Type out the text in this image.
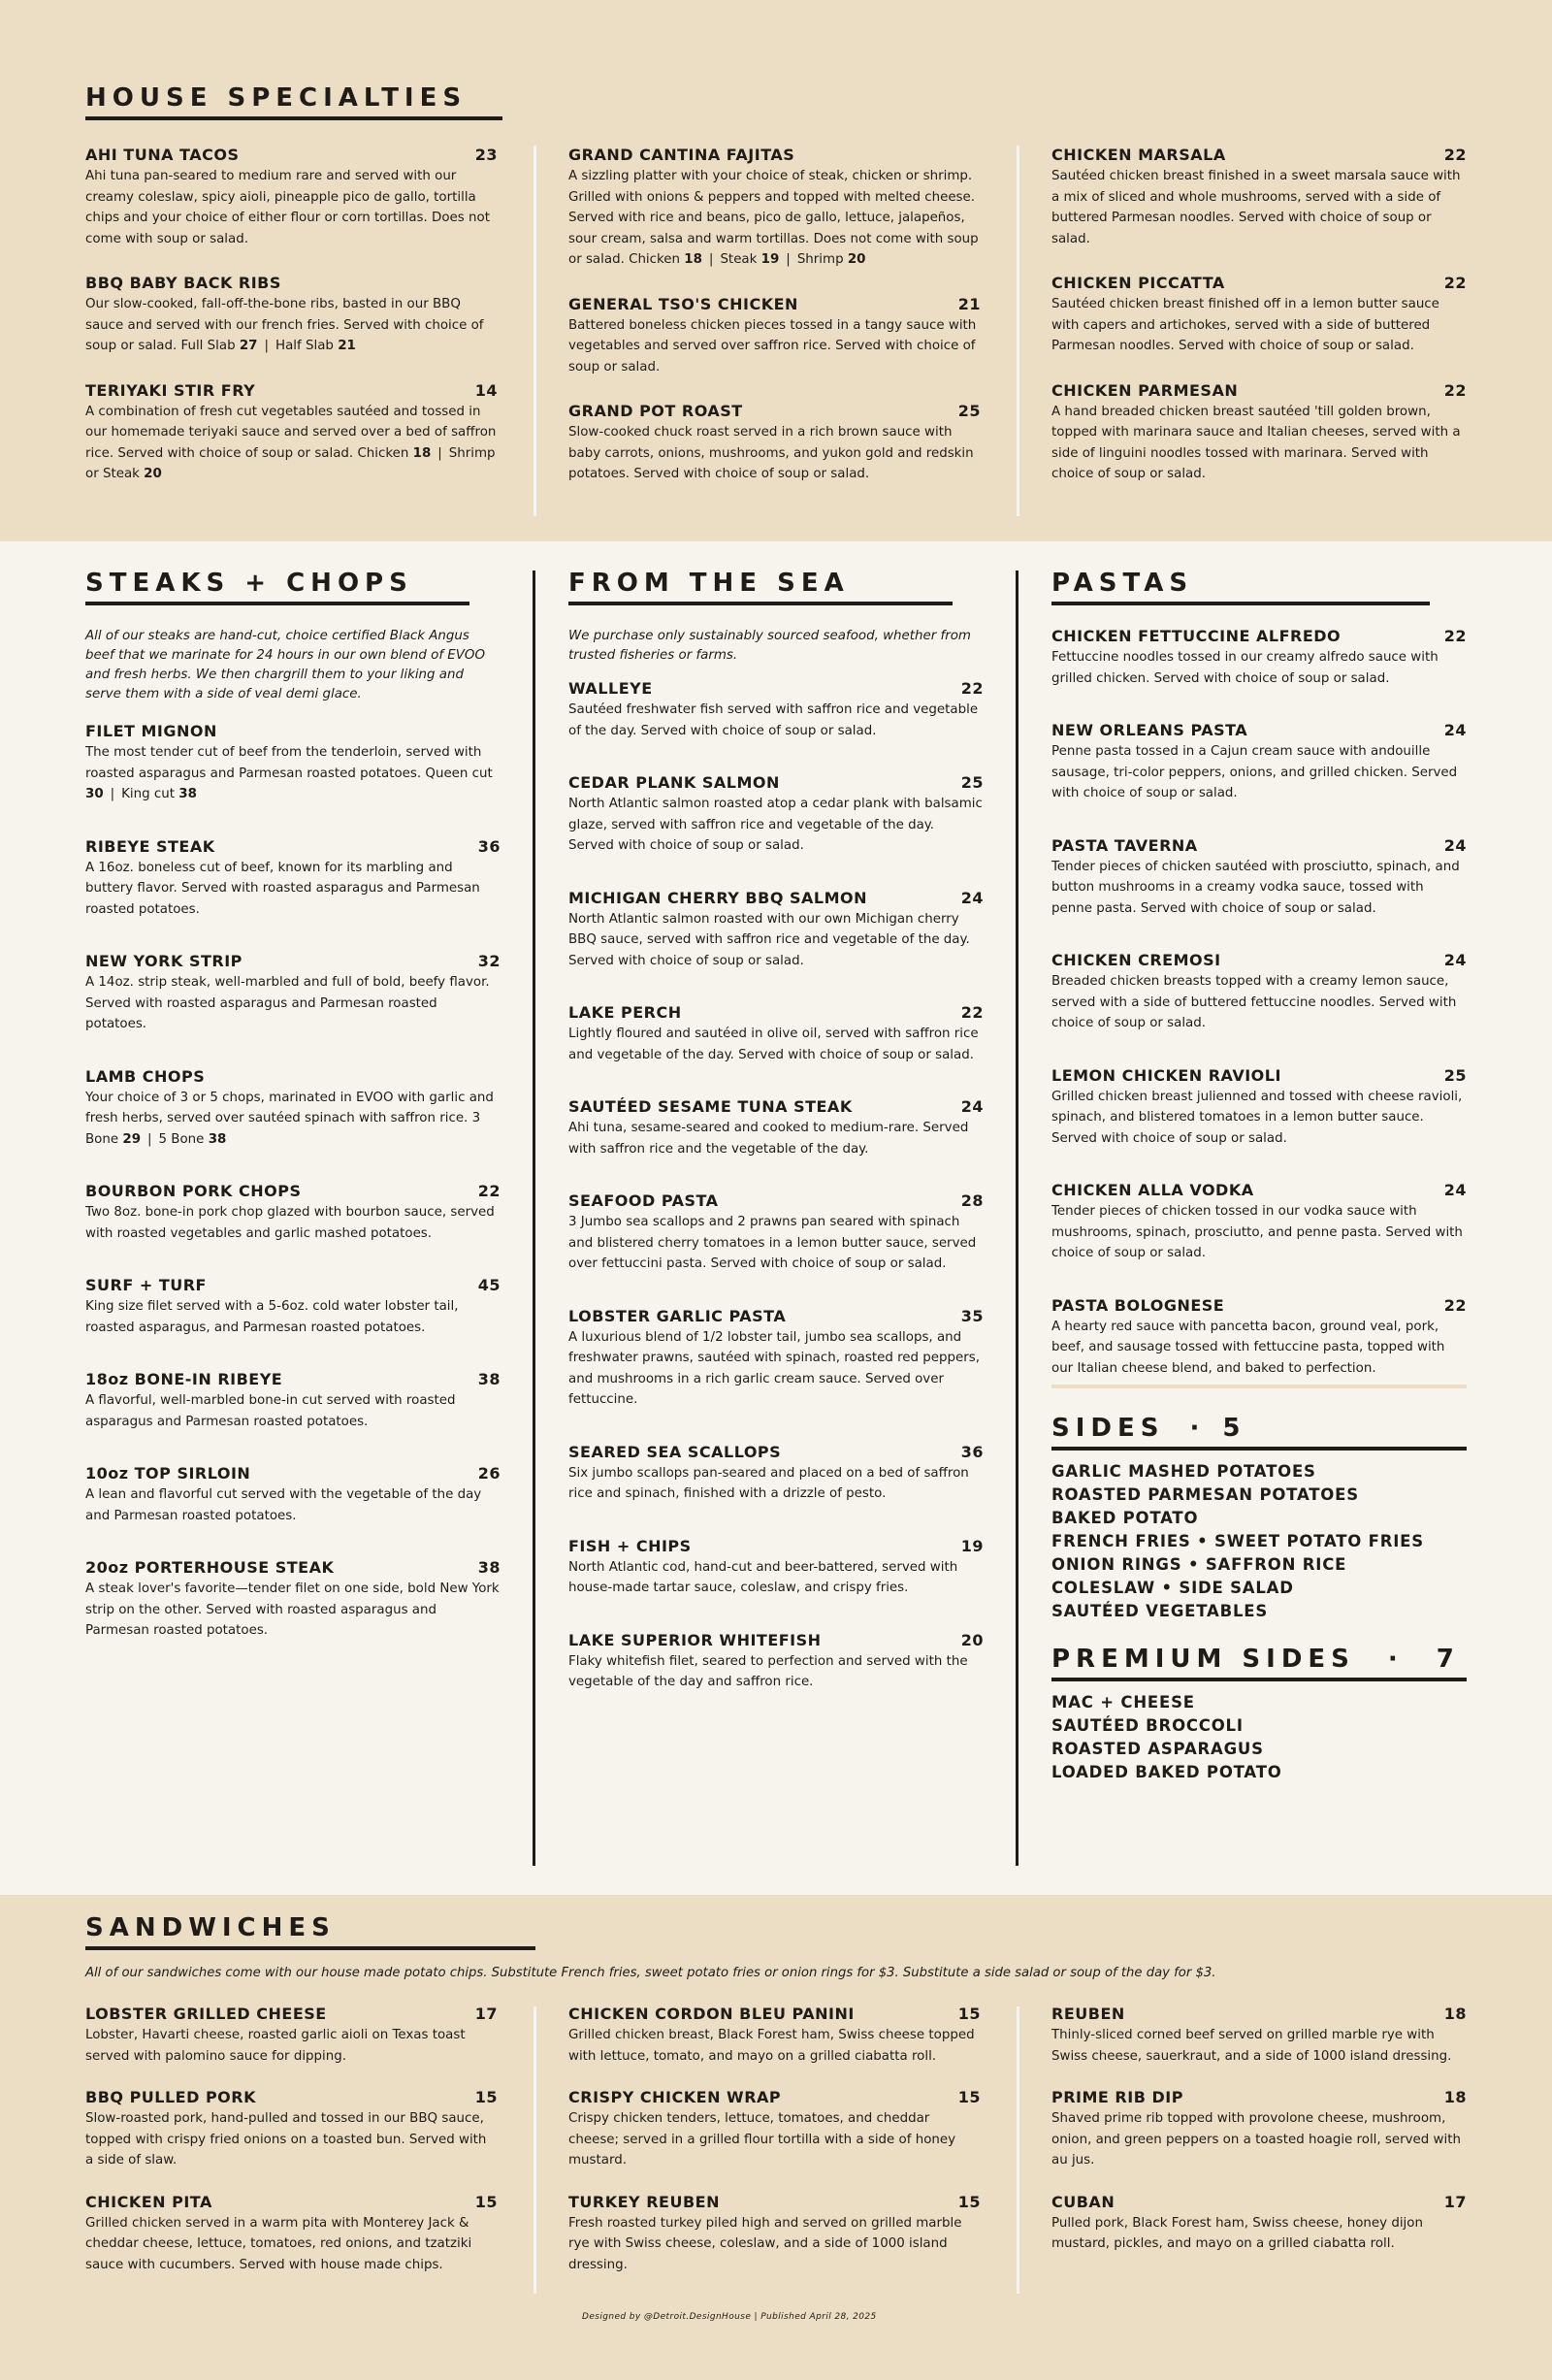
HOUSE SPECIALTIES
AHI TUNA TACOS	23
Ahi tuna pan-seared to medium rare and served with our creamy coleslaw, spicy aioli, pineapple pico de gallo, tortilla chips and your choice of either flour or corn tortillas. Does not come with soup or salad.
BBQ BABY BACK RIBS
Our slow-cooked, fall-off-the-bone ribs, basted in our BBQ sauce and served with our french fries. Served with choice of soup or salad. Full Slab 27 | Half Slab 21
TERIYAKI STIR FRY	14
A combination of fresh cut vegetables sautéed and tossed in our homemade teriyaki sauce and served over a bed of saffron rice. Served with choice of soup or salad. Chicken 18 | Shrimp or Steak 20
GRAND CANTINA FAJITAS
A sizzling platter with your choice of steak, chicken or shrimp. Grilled with onions & peppers and topped with melted cheese. Served with rice and beans, pico de gallo, lettuce, jalapeños, sour cream, salsa and warm tortillas. Does not come with soup or salad. Chicken 18 | Steak 19 | Shrimp 20
GENERAL TSO'S CHICKEN	21
Battered boneless chicken pieces tossed in a tangy sauce with vegetables and served over saffron rice. Served with choice of soup or salad.
GRAND POT ROAST	25
Slow-cooked chuck roast served in a rich brown sauce with baby carrots, onions, mushrooms, and yukon gold and redskin potatoes. Served with choice of soup or salad.
CHICKEN MARSALA	22
Sautéed chicken breast finished in a sweet marsala sauce with a mix of sliced and whole mushrooms, served with a side of buttered Parmesan noodles. Served with choice of soup or salad.
CHICKEN PICCATTA	22
Sautéed chicken breast finished off in a lemon butter sauce with capers and artichokes, served with a side of buttered Parmesan noodles. Served with choice of soup or salad.
CHICKEN PARMESAN	22
A hand breaded chicken breast sautéed 'till golden brown, topped with marinara sauce and Italian cheeses, served with a side of linguini noodles tossed with marinara. Served with choice of soup or salad.
STEAKS + CHOPS
All of our steaks are hand-cut, choice certified Black Angus beef that we marinate for 24 hours in our own blend of EVOO and fresh herbs. We then chargrill them to your liking and serve them with a side of veal demi glace.
FILET MIGNON
The most tender cut of beef from the tenderloin, served with roasted asparagus and Parmesan roasted potatoes. Queen cut 30 | King cut 38
RIBEYE STEAK	36
A 16oz. boneless cut of beef, known for its marbling and buttery flavor. Served with roasted asparagus and Parmesan roasted potatoes.
NEW YORK STRIP	32
A 14oz. strip steak, well-marbled and full of bold, beefy flavor. Served with roasted asparagus and Parmesan roasted potatoes.
LAMB CHOPS
Your choice of 3 or 5 chops, marinated in EVOO with garlic and fresh herbs, served over sautéed spinach with saffron rice. 3 Bone 29 | 5 Bone 38
BOURBON PORK CHOPS	22
Two 8oz. bone-in pork chop glazed with bourbon sauce, served with roasted vegetables and garlic mashed potatoes.
SURF + TURF	45
King size filet served with a 5-6oz. cold water lobster tail, roasted asparagus, and Parmesan roasted potatoes.
18oz BONE-IN RIBEYE	38
A flavorful, well-marbled bone-in cut served with roasted asparagus and Parmesan roasted potatoes.
10oz TOP SIRLOIN	26
A lean and flavorful cut served with the vegetable of the day and Parmesan roasted potatoes.
20oz PORTERHOUSE STEAK	38
A steak lover's favorite—tender filet on one side, bold New York strip on the other. Served with roasted asparagus and Parmesan roasted potatoes.
FROM THE SEA
We purchase only sustainably sourced seafood, whether from trusted fisheries or farms.
WALLEYE	22
Sautéed freshwater fish served with saffron rice and vegetable of the day. Served with choice of soup or salad.
CEDAR PLANK SALMON	25
North Atlantic salmon roasted atop a cedar plank with balsamic glaze, served with saffron rice and vegetable of the day. Served with choice of soup or salad.
MICHIGAN CHERRY BBQ SALMON	24
North Atlantic salmon roasted with our own Michigan cherry BBQ sauce, served with saffron rice and vegetable of the day. Served with choice of soup or salad.
LAKE PERCH	22
Lightly floured and sautéed in olive oil, served with saffron rice and vegetable of the day. Served with choice of soup or salad.
SAUTÉED SESAME TUNA STEAK	24
Ahi tuna, sesame-seared and cooked to medium-rare. Served with saffron rice and the vegetable of the day.
SEAFOOD PASTA	28
3 Jumbo sea scallops and 2 prawns pan seared with spinach and blistered cherry tomatoes in a lemon butter sauce, served over fettuccini pasta. Served with choice of soup or salad.
LOBSTER GARLIC PASTA	35
A luxurious blend of 1/2 lobster tail, jumbo sea scallops, and freshwater prawns, sautéed with spinach, roasted red peppers, and mushrooms in a rich garlic cream sauce. Served over fettuccine.
SEARED SEA SCALLOPS	36
Six jumbo scallops pan-seared and placed on a bed of saffron rice and spinach, finished with a drizzle of pesto.
FISH + CHIPS	19
North Atlantic cod, hand-cut and beer-battered, served with house-made tartar sauce, coleslaw, and crispy fries.
LAKE SUPERIOR WHITEFISH	20
Flaky whitefish filet, seared to perfection and served with the vegetable of the day and saffron rice.
PASTAS
CHICKEN FETTUCCINE ALFREDO	22
Fettuccine noodles tossed in our creamy alfredo sauce with grilled chicken. Served with choice of soup or salad.
NEW ORLEANS PASTA	24
Penne pasta tossed in a Cajun cream sauce with andouille sausage, tri-color peppers, onions, and grilled chicken. Served with choice of soup or salad.
PASTA TAVERNA	24
Tender pieces of chicken sautéed with prosciutto, spinach, and button mushrooms in a creamy vodka sauce, tossed with penne pasta. Served with choice of soup or salad.
CHICKEN CREMOSI	24
Breaded chicken breasts topped with a creamy lemon sauce, served with a side of buttered fettuccine noodles. Served with choice of soup or salad.
LEMON CHICKEN RAVIOLI	25
Grilled chicken breast julienned and tossed with cheese ravioli, spinach, and blistered tomatoes in a lemon butter sauce. Served with choice of soup or salad.
CHICKEN ALLA VODKA	24
Tender pieces of chicken tossed in our vodka sauce with mushrooms, spinach, prosciutto, and penne pasta. Served with choice of soup or salad.
PASTA BOLOGNESE	22
A hearty red sauce with pancetta bacon, ground veal, pork, beef, and sausage tossed with fettuccine pasta, topped with our Italian cheese blend, and baked to perfection.
SIDES · 5
GARLIC MASHED POTATOES
ROASTED PARMESAN POTATOES
BAKED POTATO
FRENCH FRIES • SWEET POTATO FRIES
ONION RINGS • SAFFRON RICE
COLESLAW • SIDE SALAD
SAUTÉED VEGETABLES
PREMIUM SIDES · 7
MAC + CHEESE
SAUTÉED BROCCOLI
ROASTED ASPARAGUS
LOADED BAKED POTATO
SANDWICHES
All of our sandwiches come with our house made potato chips. Substitute French fries, sweet potato fries or onion rings for $3. Substitute a side salad or soup of the day for $3.
LOBSTER GRILLED CHEESE	17
Lobster, Havarti cheese, roasted garlic aioli on Texas toast served with palomino sauce for dipping.
BBQ PULLED PORK	15
Slow-roasted pork, hand-pulled and tossed in our BBQ sauce, topped with crispy fried onions on a toasted bun. Served with a side of slaw.
CHICKEN PITA	15
Grilled chicken served in a warm pita with Monterey Jack & cheddar cheese, lettuce, tomatoes, red onions, and tzatziki sauce with cucumbers. Served with house made chips.
CHICKEN CORDON BLEU PANINI	15
Grilled chicken breast, Black Forest ham, Swiss cheese topped with lettuce, tomato, and mayo on a grilled ciabatta roll.
CRISPY CHICKEN WRAP	15
Crispy chicken tenders, lettuce, tomatoes, and cheddar cheese; served in a grilled flour tortilla with a side of honey mustard.
TURKEY REUBEN	15
Fresh roasted turkey piled high and served on grilled marble rye with Swiss cheese, coleslaw, and a side of 1000 island dressing.
REUBEN	18
Thinly-sliced corned beef served on grilled marble rye with Swiss cheese, sauerkraut, and a side of 1000 island dressing.
PRIME RIB DIP	18
Shaved prime rib topped with provolone cheese, mushroom, onion, and green peppers on a toasted hoagie roll, served with au jus.
CUBAN	17
Pulled pork, Black Forest ham, Swiss cheese, honey dijon mustard, pickles, and mayo on a grilled ciabatta roll.
Designed by @Detroit.DesignHouse | Published April 28, 2025
